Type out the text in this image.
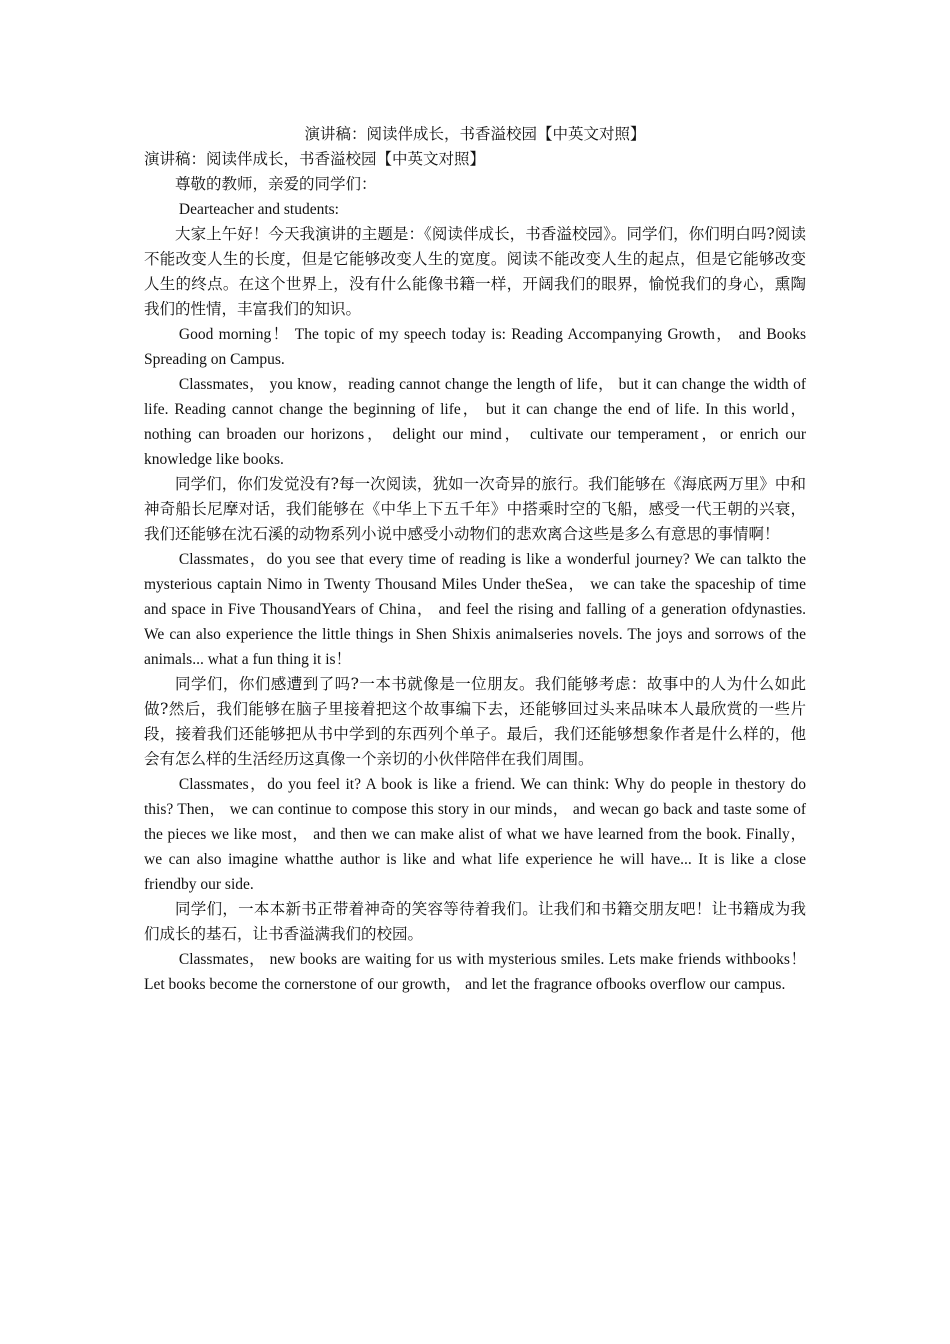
演讲稿：阅读伴成长，书香溢校园【中英文对照】

演讲稿：阅读伴成长，书香溢校园【中英文对照】

尊敬的教师，亲爱的同学们：

Dearteacher and students:

大家上午好！今天我演讲的主题是：《阅读伴成长，书香溢校园》。同学们，你们明白吗?阅读不能改变人生的长度，但是它能够改变人生的宽度。阅读不能改变人生的起点，但是它能够改变人生的终点。在这个世界上，没有什么能像书籍一样，开阔我们的眼界，愉悦我们的身心，熏陶我们的性情，丰富我们的知识。

Good morning！ The topic of my speech today is: Reading Accompanying Growth， and Books Spreading on Campus.

Classmates， you know，reading cannot change the length of life， but it can change the width of life. Reading cannot change the beginning of life， but it can change the end of life. In this world， nothing can broaden our horizons， delight our mind， cultivate our temperament，or enrich our knowledge like books.

同学们，你们发觉没有?每一次阅读，犹如一次奇异的旅行。我们能够在《海底两万里》中和神奇船长尼摩对话，我们能够在《中华上下五千年》中搭乘时空的飞船，感受一代王朝的兴衰，我们还能够在沈石溪的动物系列小说中感受小动物们的悲欢离合这些是多么有意思的事情啊！

Classmates，do you see that every time of reading is like a wonderful journey? We can talkto the mysterious captain Nimo in Twenty Thousand Miles Under theSea， we can take the spaceship of time and space in Five ThousandYears of China， and feel the rising and falling of a generation ofdynasties. We can also experience the little things in Shen Shixis animalseries novels. The joys and sorrows of the animals... what a fun thing it is！

同学们，你们感遭到了吗?一本书就像是一位朋友。我们能够考虑：故事中的人为什么如此做?然后，我们能够在脑子里接着把这个故事编下去，还能够回过头来品味本人最欣赏的一些片段，接着我们还能够把从书中学到的东西列个单子。最后，我们还能够想象作者是什么样的，他会有怎么样的生活经历这真像一个亲切的小伙伴陪伴在我们周围。

Classmates，do you feel it? A book is like a friend. We can think: Why do people in thestory do this? Then， we can continue to compose this story in our minds， and wecan go back and taste some of the pieces we like most， and then we can make alist of what we have learned from the book. Finally， we can also imagine whatthe author is like and what life experience he will have... It is like a close friendby our side.

同学们，一本本新书正带着神奇的笑容等待着我们。让我们和书籍交朋友吧！让书籍成为我们成长的基石，让书香溢满我们的校园。

Classmates， new books are waiting for us with mysterious smiles. Lets make friends withbooks！ Let books become the cornerstone of our growth， and let the fragrance ofbooks overflow our campus.
